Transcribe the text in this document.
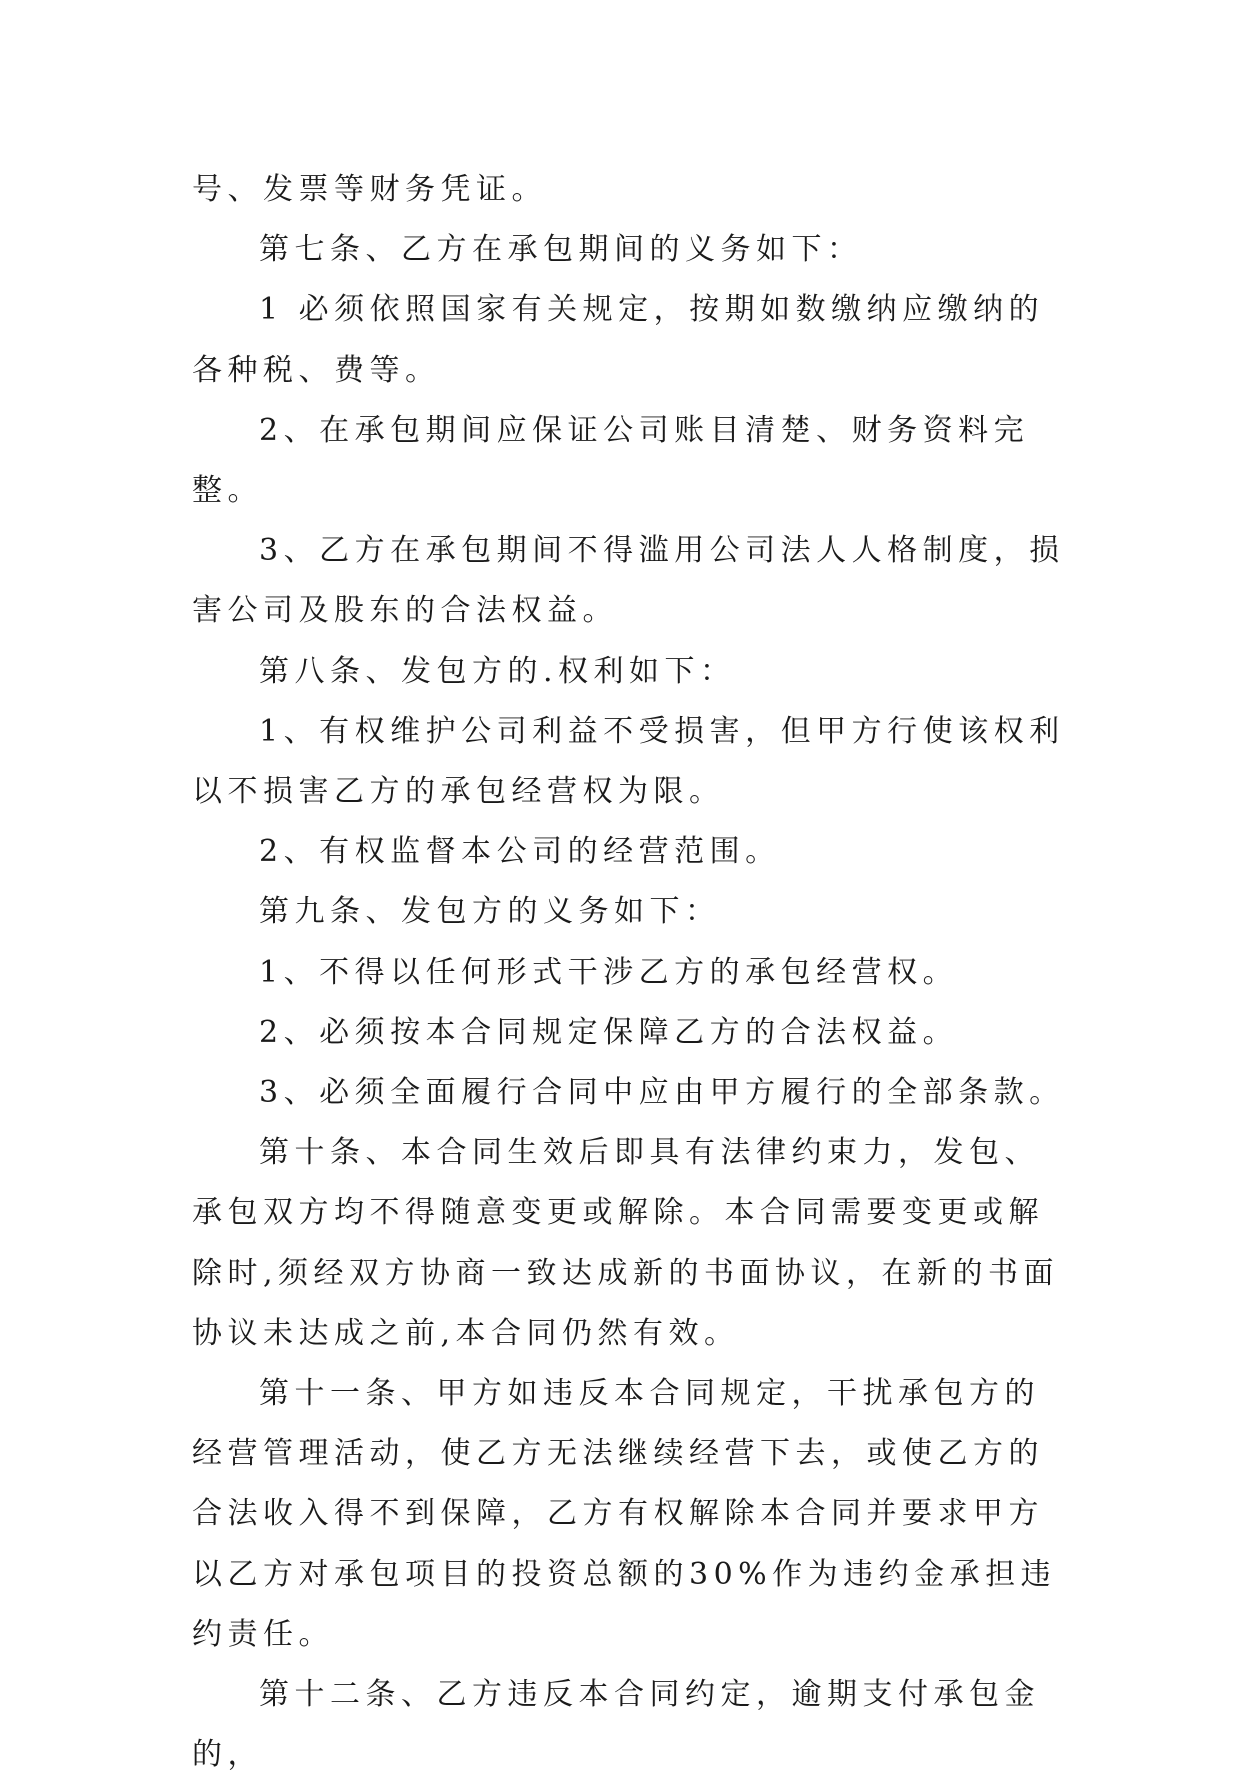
号、发票等财务凭证。

第七条、乙方在承包期间的义务如下：

1 必须依照国家有关规定，按期如数缴纳应缴纳的各种税、费等。

2、在承包期间应保证公司账目清楚、财务资料完整。

3、乙方在承包期间不得滥用公司法人人格制度，损害公司及股东的合法权益。

第八条、发包方的.权利如下：

1、有权维护公司利益不受损害，但甲方行使该权利以不损害乙方的承包经营权为限。

2、有权监督本公司的经营范围。

第九条、发包方的义务如下：

1、不得以任何形式干涉乙方的承包经营权。

2、必须按本合同规定保障乙方的合法权益。

3、必须全面履行合同中应由甲方履行的全部条款。

第十条、本合同生效后即具有法律约束力，发包、承包双方均不得随意变更或解除。本合同需要变更或解除时,须经双方协商一致达成新的书面协议，在新的书面协议未达成之前,本合同仍然有效。

第十一条、甲方如违反本合同规定，干扰承包方的经营管理活动，使乙方无法继续经营下去，或使乙方的合法收入得不到保障，乙方有权解除本合同并要求甲方以乙方对承包项目的投资总额的30%作为违约金承担违约责任。

第十二条、乙方违反本合同约定，逾期支付承包金的，
